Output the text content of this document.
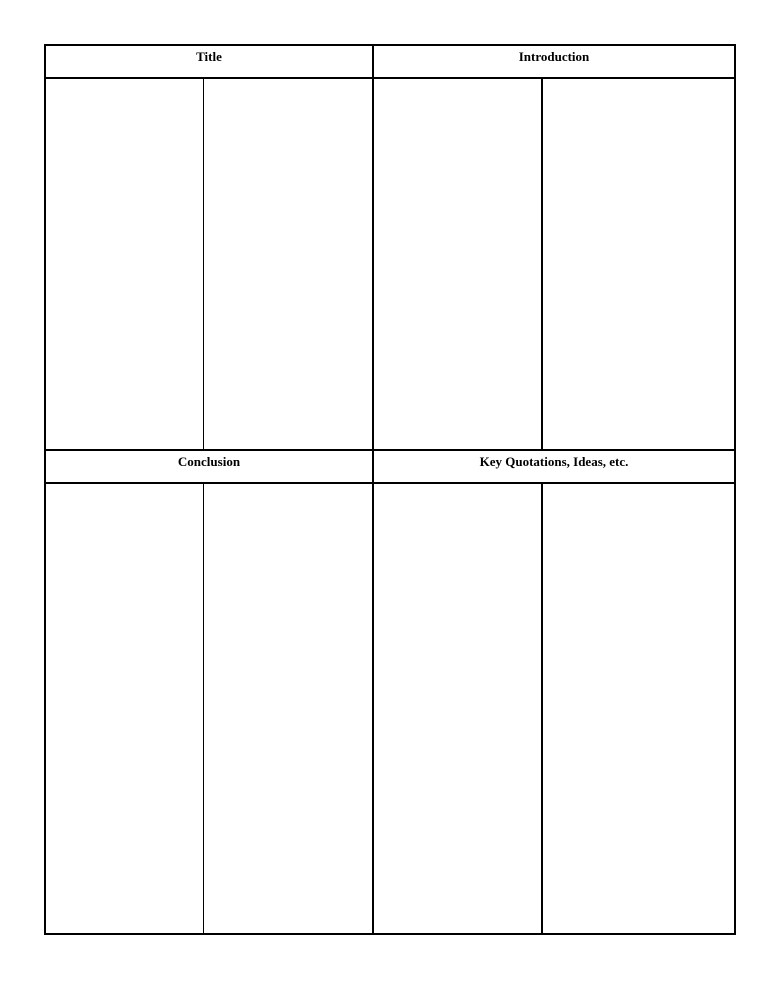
Title	Introduction
Conclusion	Key Quotations, Ideas, etc.
